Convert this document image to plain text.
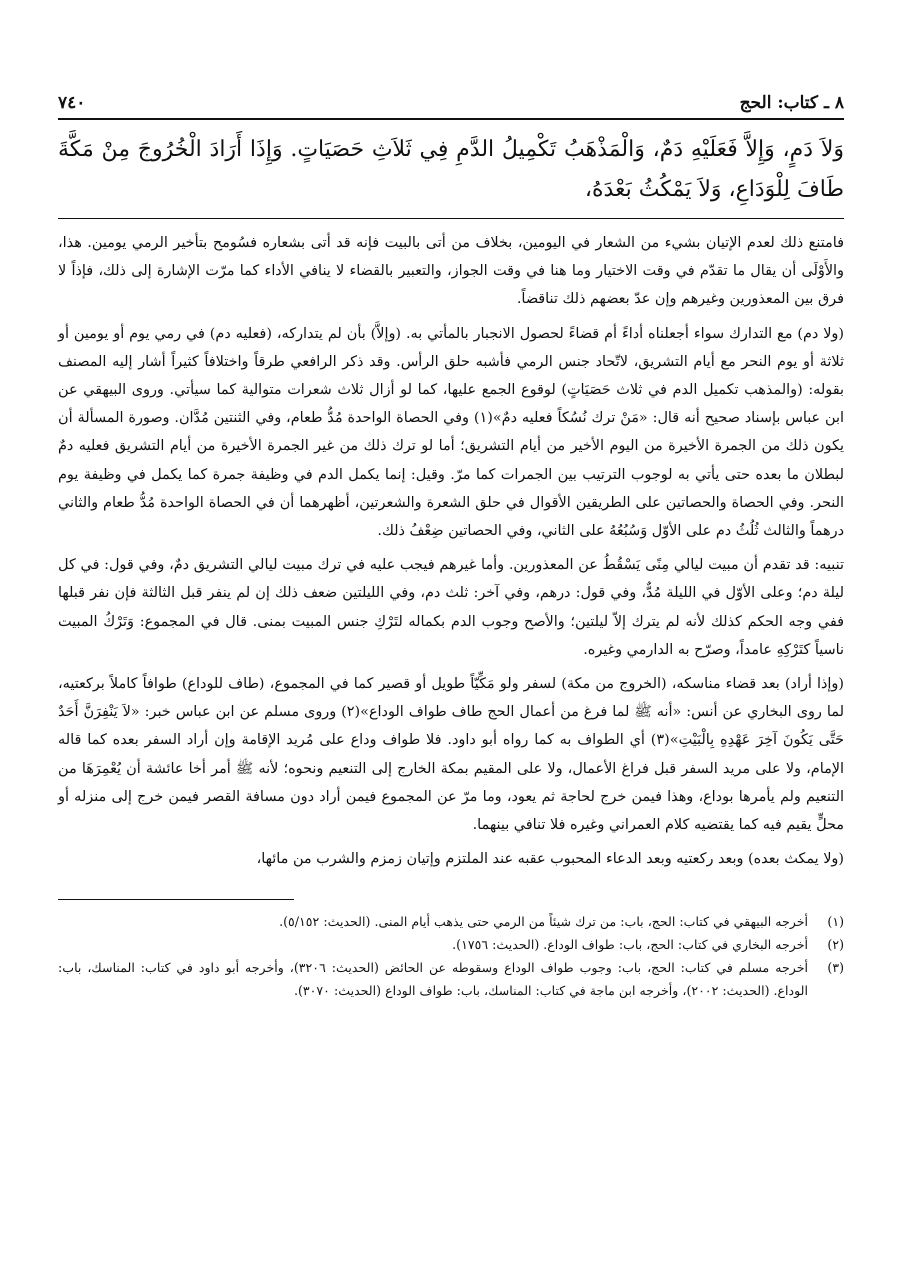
٨ ـ كتاب: الحج
٧٤٠

وَلاَ دَمٍ، وَإِلاَّ فَعَلَيْهِ دَمٌ، وَالْمَذْهَبُ تَكْمِيلُ الدَّمِ فِي ثَلاَثِ حَصَيَاتٍ. وَإِذَا أَرَادَ الْخُرُوجَ مِنْ مَكَّةَ طَافَ لِلْوَدَاعِ، وَلاَ يَمْكُثُ بَعْدَهُ،

فامتنع ذلك لعدم الإتيان بشيء من الشعار في اليومين، بخلاف من أتى بالبيت فإنه قد أتى بشعاره فسُومح بتأخير الرمي يومين. هذا، والأَوْلَى أن يقال ما تقدّم في وقت الاختيار وما هنا في وقت الجواز، والتعبير بالقضاء لا ينافي الأداء كما مرّت الإشارة إلى ذلك، فإذاً لا فرق بين المعذورين وغيرهم وإن عدّ بعضهم ذلك تناقضاً.

(ولا دم) مع التدارك سواء أجعلناه أداءً أم قضاءً لحصول الانجبار بالمأتي به. (وإلاَّ) بأن لم يتداركه، (فعليه دم) في رمي يوم أو يومين أو ثلاثة أو يوم النحر مع أيام التشريق، لاتّحاد جنس الرمي فأشبه حلق الرأس. وقد ذكر الرافعي طرقاً واختلافاً كثيراً أشار إليه المصنف بقوله: (والمذهب تكميل الدم في ثلاث حَصَيَاتٍ) لوقوع الجمع عليها، كما لو أزال ثلاث شعرات متوالية كما سيأتي. وروى البيهقي عن ابن عباس بإسناد صحيح أنه قال: «مَنْ ترك نُسُكاً فعليه دمٌ»(١) وفي الحصاة الواحدة مُدُّ طعام، وفي الثنتين مُدَّان. وصورة المسألة أن يكون ذلك من الجمرة الأخيرة من اليوم الأخير من أيام التشريق؛ أما لو ترك ذلك من غير الجمرة الأخيرة من أيام التشريق فعليه دمٌ لبطلان ما بعده حتى يأتي به لوجوب الترتيب بين الجمرات كما مرّ. وقيل: إنما يكمل الدم في وظيفة جمرة كما يكمل في وظيفة يوم النحر. وفي الحصاة والحصاتين على الطريقين الأقوال في حلق الشعرة والشعرتين، أظهرهما أن في الحصاة الواحدة مُدُّ طعام والثاني درهماً والثالث ثُلُثُ دم على الأوّل وَسُبُعُهُ على الثاني، وفي الحصاتين ضِعْفُ ذلك.

تنبيه: قد تقدم أن مبيت ليالي مِنًى يَسْقُطُ عن المعذورين. وأما غيرهم فيجب عليه في ترك مبيت ليالي التشريق دمٌ، وفي قول: في كل ليلة دم؛ وعلى الأوّل في الليلة مُدٌّ، وفي قول: درهم، وفي آخر: ثلث دم، وفي الليلتين ضعف ذلك إن لم ينفر قبل الثالثة فإن نفر قبلها ففي وجه الحكم كذلك لأنه لم يترك إلاّ ليلتين؛ والأصح وجوب الدم بكماله لتَرْكِ جنس المبيت بمنى. قال في المجموع: وَتَرْكُ المبيت ناسياً كتَرْكِهِ عامداً، وصرّح به الدارمي وغيره.

(وإذا أراد) بعد قضاء مناسكه، (الخروج من مكة) لسفر ولو مَكِّيّاً طويل أو قصير كما في المجموع، (طاف للوداع) طوافاً كاملاً بركعتيه، لما روى البخاري عن أنس: «أنه ﷺ لما فرغ من أعمال الحج طاف طواف الوداع»(٢) وروى مسلم عن ابن عباس خبر: «لاَ يَنْفِرَنَّ أَحَدٌ حَتَّى يَكُونَ آخِرَ عَهْدِهِ بِالْبَيْتِ»(٣) أي الطواف به كما رواه أبو داود. فلا طواف وداع على مُريد الإقامة وإن أراد السفر بعده كما قاله الإمام، ولا على مريد السفر قبل فراغ الأعمال، ولا على المقيم بمكة الخارج إلى التنعيم ونحوه؛ لأنه ﷺ أمر أخا عائشة أن يُعْمِرَهَا من التنعيم ولم يأمرها بوداع، وهذا فيمن خرج لحاجة ثم يعود، وما مرّ عن المجموع فيمن أراد دون مسافة القصر فيمن خرج إلى منزله أو محلٍّ يقيم فيه كما يقتضيه كلام العمراني وغيره فلا تنافي بينهما.

(ولا يمكث بعده) وبعد ركعتيه وبعد الدعاء المحبوب عقبه عند الملتزم وإتيان زمزم والشرب من مائها،

(١)
أخرجه البيهقي في كتاب: الحج، باب: من ترك شيئاً من الرمي حتى يذهب أيام المنى. (الحديث: ٥/١٥٢).
(٢)
أخرجه البخاري في كتاب: الحج، باب: طواف الوداع. (الحديث: ١٧٥٦).
(٣)
أخرجه مسلم في كتاب: الحج، باب: وجوب طواف الوداع وسقوطه عن الحائض (الحديث: ٣٢٠٦)، وأخرجه أبو داود في كتاب: المناسك، باب: الوداع. (الحديث: ٢٠٠٢)، وأخرجه ابن ماجة في كتاب: المناسك، باب: طواف الوداع (الحديث: ٣٠٧٠).
